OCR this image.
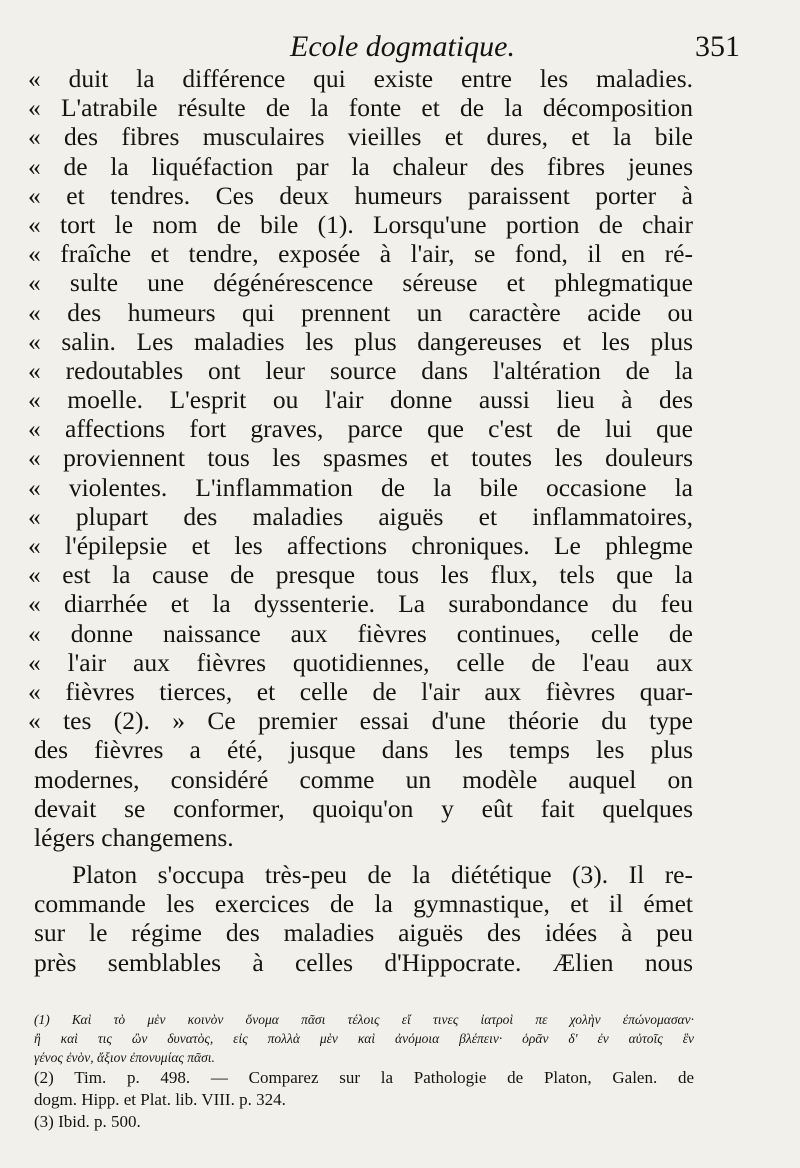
Ecole dogmatique.	351
« duit la différence qui existe entre les maladies.
« L'atrabile résulte de la fonte et de la décomposition
« des fibres musculaires vieilles et dures, et la bile
« de la liquéfaction par la chaleur des fibres jeunes
« et tendres. Ces deux humeurs paraissent porter à
« tort le nom de bile (1). Lorsqu'une portion de chair
« fraîche et tendre, exposée à l'air, se fond, il en ré-
« sulte une dégénérescence séreuse et phlegmatique
« des humeurs qui prennent un caractère acide ou
« salin. Les maladies les plus dangereuses et les plus
« redoutables ont leur source dans l'altération de la
« moelle. L'esprit ou l'air donne aussi lieu à des
« affections fort graves, parce que c'est de lui que
« proviennent tous les spasmes et toutes les douleurs
« violentes. L'inflammation de la bile occasione la
« plupart des maladies aiguës et inflammatoires,
« l'épilepsie et les affections chroniques. Le phlegme
« est la cause de presque tous les flux, tels que la
« diarrhée et la dyssenterie. La surabondance du feu
« donne naissance aux fièvres continues, celle de
« l'air aux fièvres quotidiennes, celle de l'eau aux
« fièvres tierces, et celle de l'air aux fièvres quar-
« tes (2). » Ce premier essai d'une théorie du type
des fièvres a été, jusque dans les temps les plus
modernes, considéré comme un modèle auquel on
devait se conformer, quoiqu'on y eût fait quelques
légers changemens.
Platon s'occupa très-peu de la diététique (3). Il re-
commande les exercices de la gymnastique, et il émet
sur le régime des maladies aiguës des idées à peu
près semblables à celles d'Hippocrate. Ælien nous
(1) Καὶ τὸ μὲν κοινὸν ὄνομα πᾶσι τέλοις εἴ τινες ἰατροὶ πε χολὴν ἐπώνομασαν·
ἢ καὶ τις ὢν δυνατὸς, εἰς πολλὰ μὲν καὶ ἀνόμοια βλέπειν· ὁρᾶν δ' ἐν αὐτοῖς ἓν
γένος ἐνὸν, ἄξιον ἐπονυμίας πᾶσι.
(2) Tim. p. 498. — Comparez sur la Pathologie de Platon, Galen. de
dogm. Hipp. et Plat. lib. VIII. p. 324.
(3) Ibid. p. 500.
